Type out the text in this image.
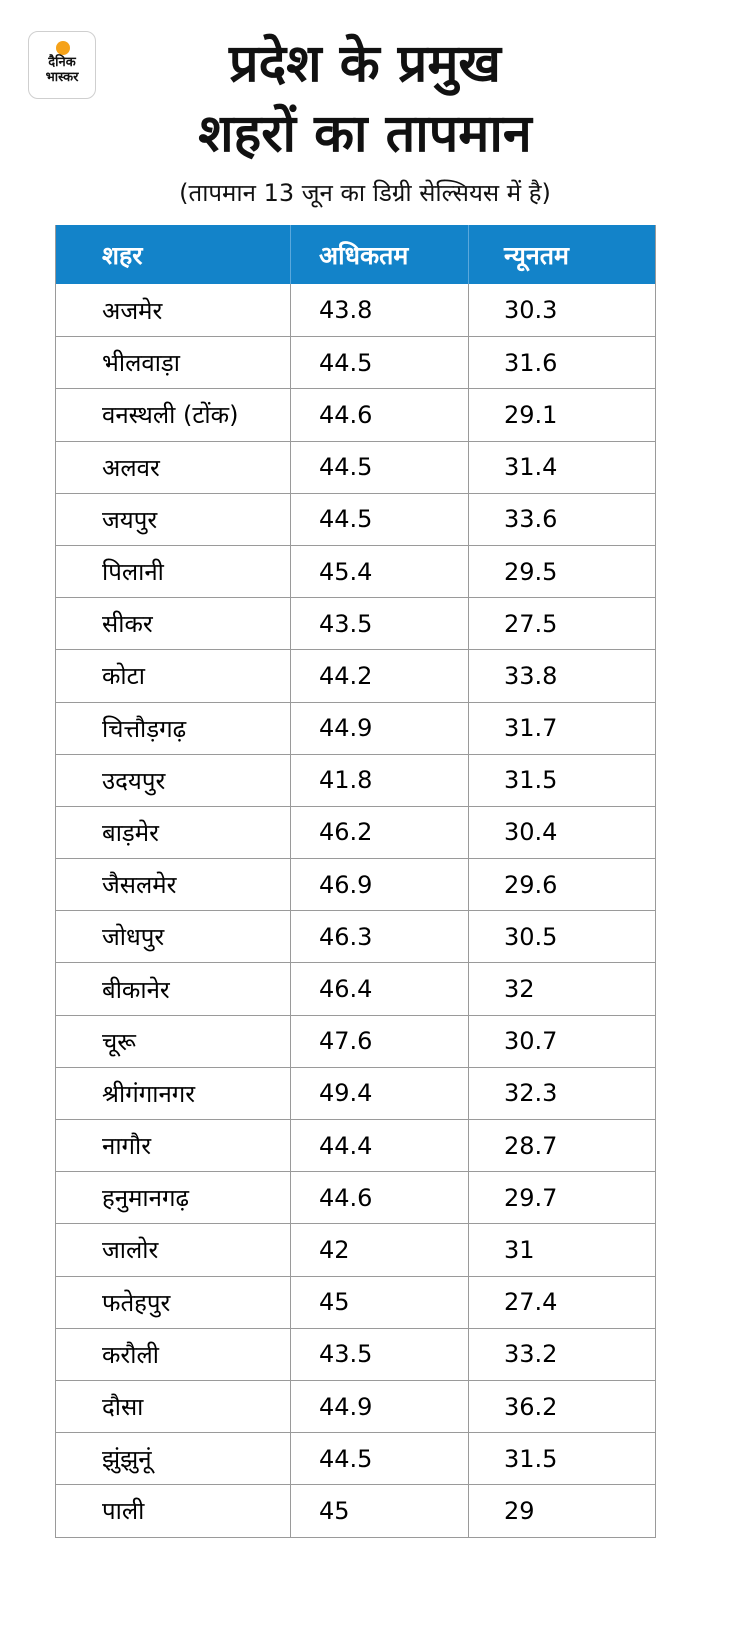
दैनिक
भास्कर	प्रदेश के प्रमुख
शहरों का तापमान
(तापमान 13 जून का डिग्री सेल्सियस में है)
शहर	अधिकतम	न्यूनतम
अजमेर	43.8	30.3
भीलवाड़ा	44.5	31.6
वनस्थली (टोंक)	44.6	29.1
अलवर	44.5	31.4
जयपुर	44.5	33.6
पिलानी	45.4	29.5
सीकर	43.5	27.5
कोटा	44.2	33.8
चित्तौड़गढ़	44.9	31.7
उदयपुर	41.8	31.5
बाड़मेर	46.2	30.4
जैसलमेर	46.9	29.6
जोधपुर	46.3	30.5
बीकानेर	46.4	32
चूरू	47.6	30.7
श्रीगंगानगर	49.4	32.3
नागौर	44.4	28.7
हनुमानगढ़	44.6	29.7
जालोर	42	31
फतेहपुर	45	27.4
करौली	43.5	33.2
दौसा	44.9	36.2
झुंझुनूं	44.5	31.5
पाली	45	29
